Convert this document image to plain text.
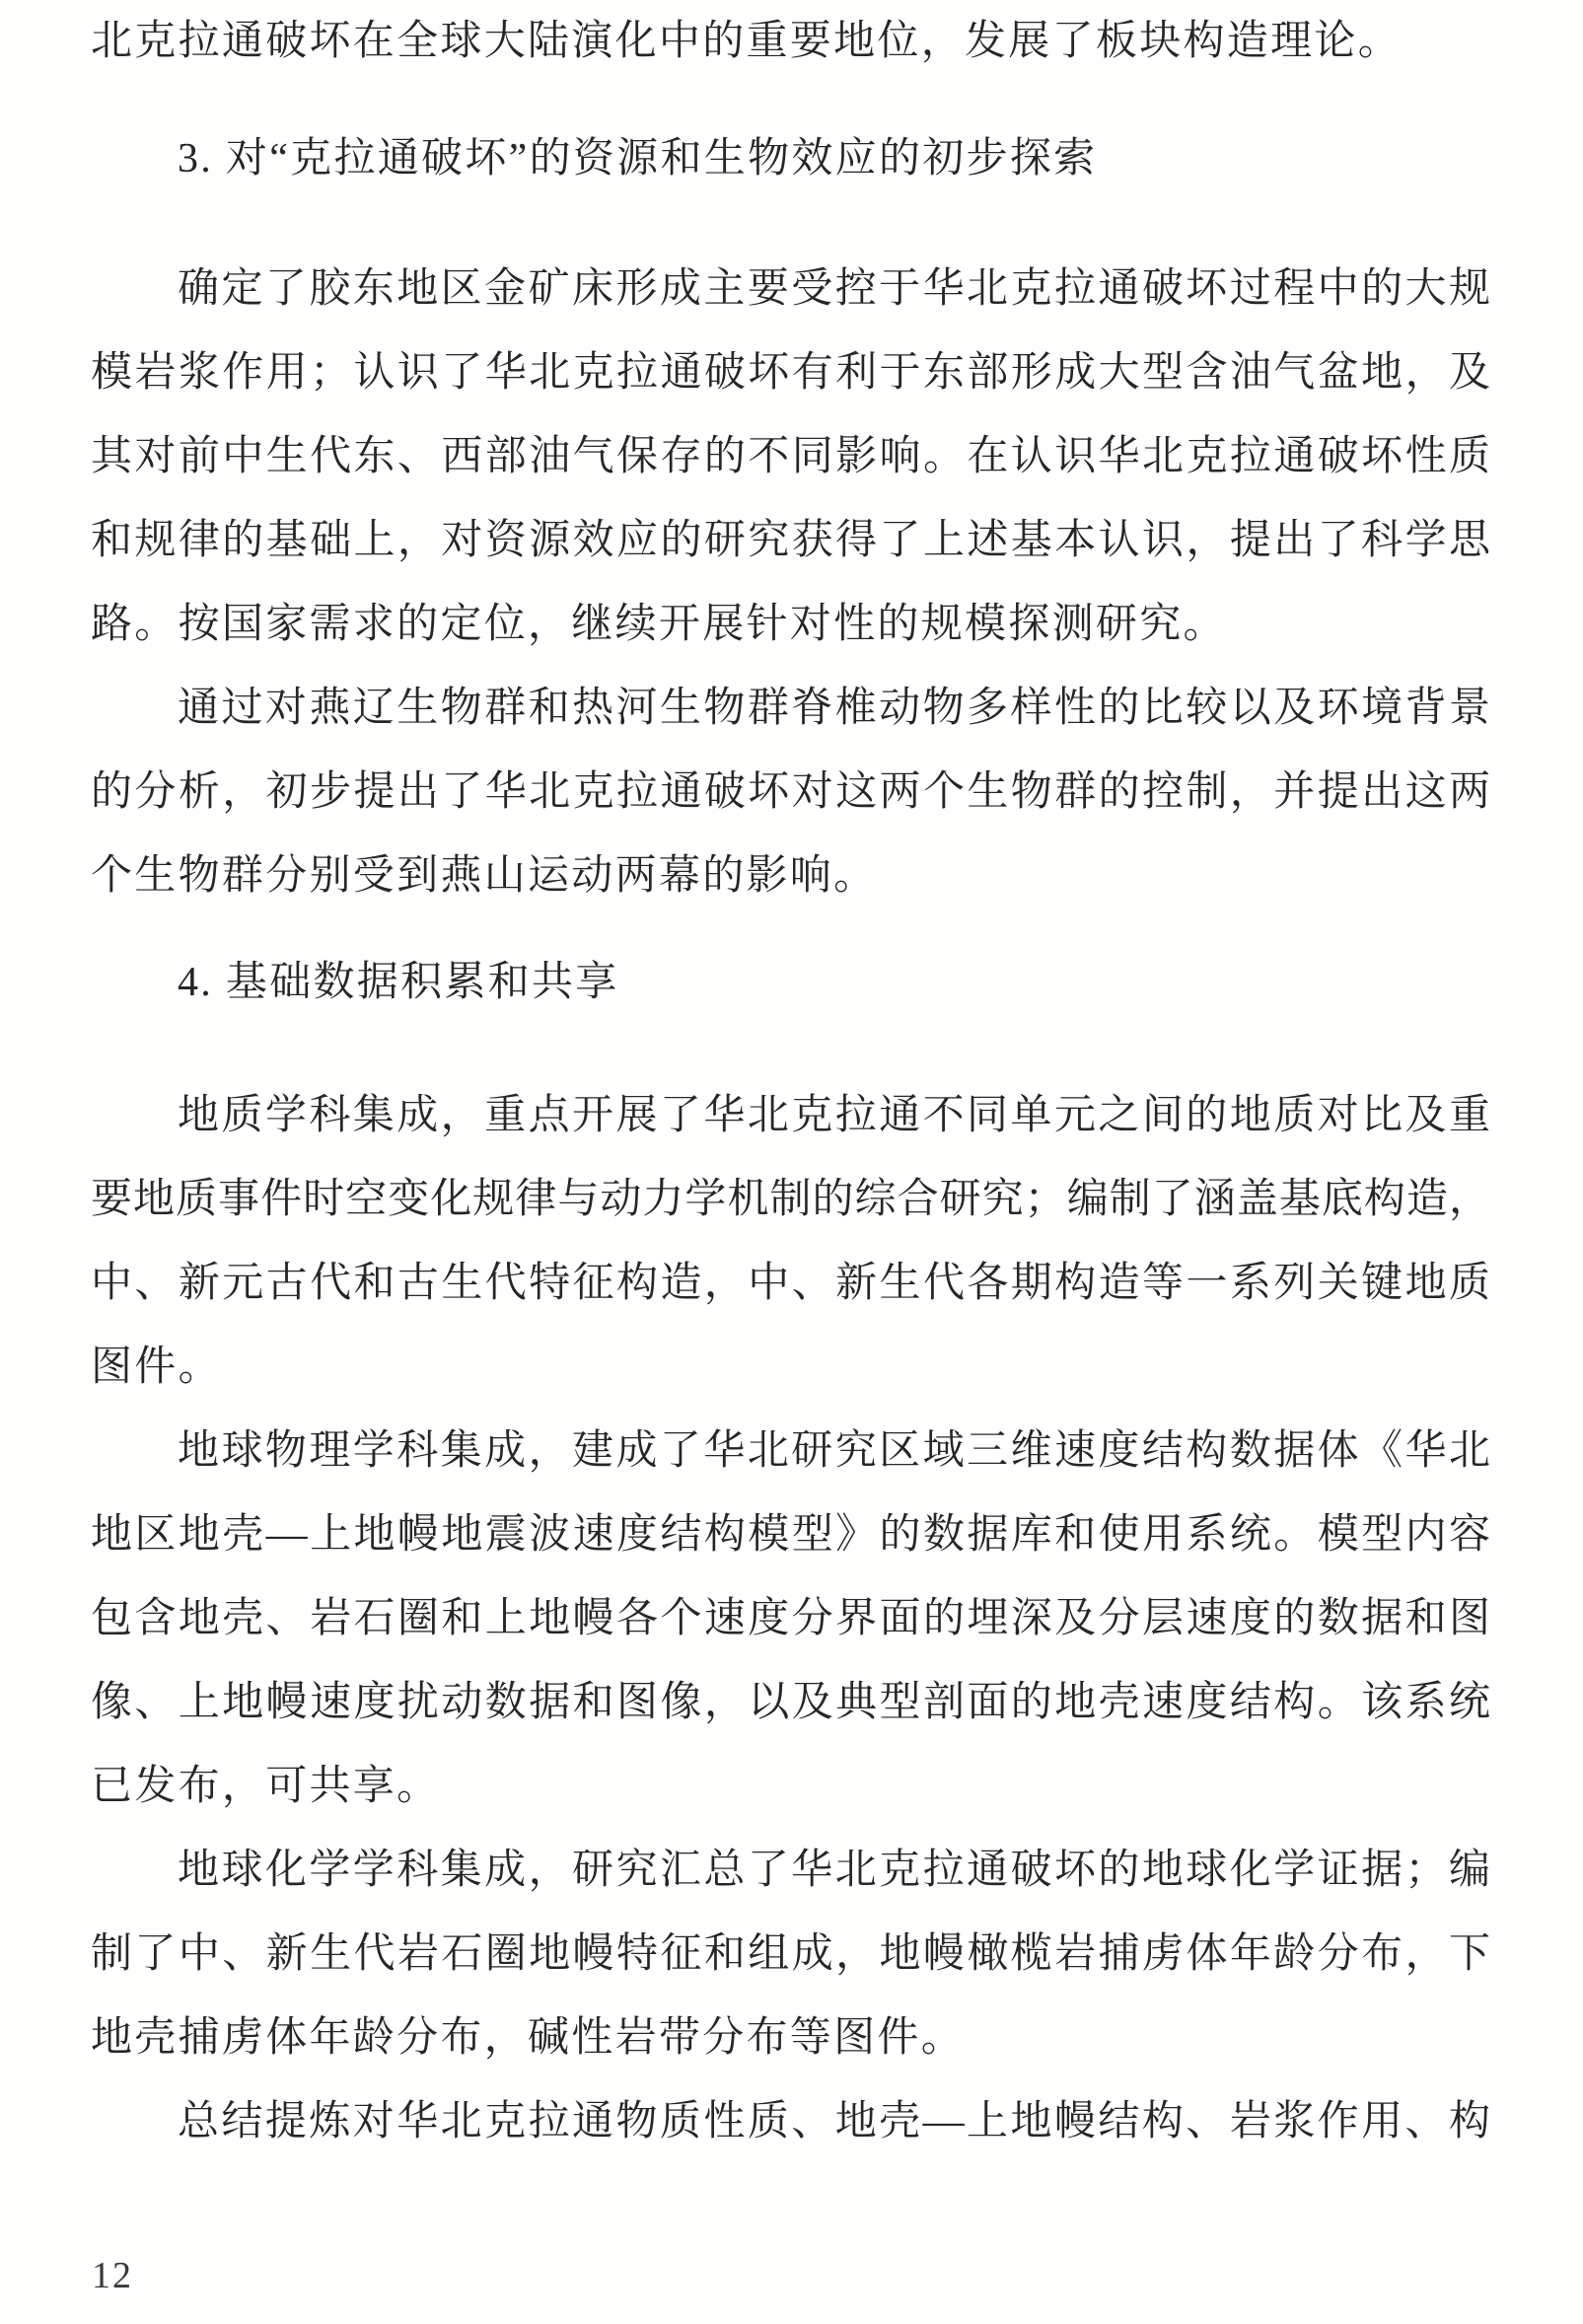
北克拉通破坏在全球大陆演化中的重要地位，发展了板块构造理论。
3. 对“克拉通破坏”的资源和生物效应的初步探索
确定了胶东地区金矿床形成主要受控于华北克拉通破坏过程中的大规
模岩浆作用；认识了华北克拉通破坏有利于东部形成大型含油气盆地，及
其对前中生代东、西部油气保存的不同影响。在认识华北克拉通破坏性质
和规律的基础上，对资源效应的研究获得了上述基本认识，提出了科学思
路。按国家需求的定位，继续开展针对性的规模探测研究。
通过对燕辽生物群和热河生物群脊椎动物多样性的比较以及环境背景
的分析，初步提出了华北克拉通破坏对这两个生物群的控制，并提出这两
个生物群分别受到燕山运动两幕的影响。
4. 基础数据积累和共享
地质学科集成，重点开展了华北克拉通不同单元之间的地质对比及重
要地质事件时空变化规律与动力学机制的综合研究；编制了涵盖基底构造，
中、新元古代和古生代特征构造，中、新生代各期构造等一系列关键地质
图件。
地球物理学科集成，建成了华北研究区域三维速度结构数据体《华北
地区地壳—上地幔地震波速度结构模型》的数据库和使用系统。模型内容
包含地壳、岩石圈和上地幔各个速度分界面的埋深及分层速度的数据和图
像、上地幔速度扰动数据和图像，以及典型剖面的地壳速度结构。该系统
已发布，可共享。
地球化学学科集成，研究汇总了华北克拉通破坏的地球化学证据；编
制了中、新生代岩石圈地幔特征和组成，地幔橄榄岩捕虏体年龄分布，下
地壳捕虏体年龄分布，碱性岩带分布等图件。
总结提炼对华北克拉通物质性质、地壳—上地幔结构、岩浆作用、构
12
